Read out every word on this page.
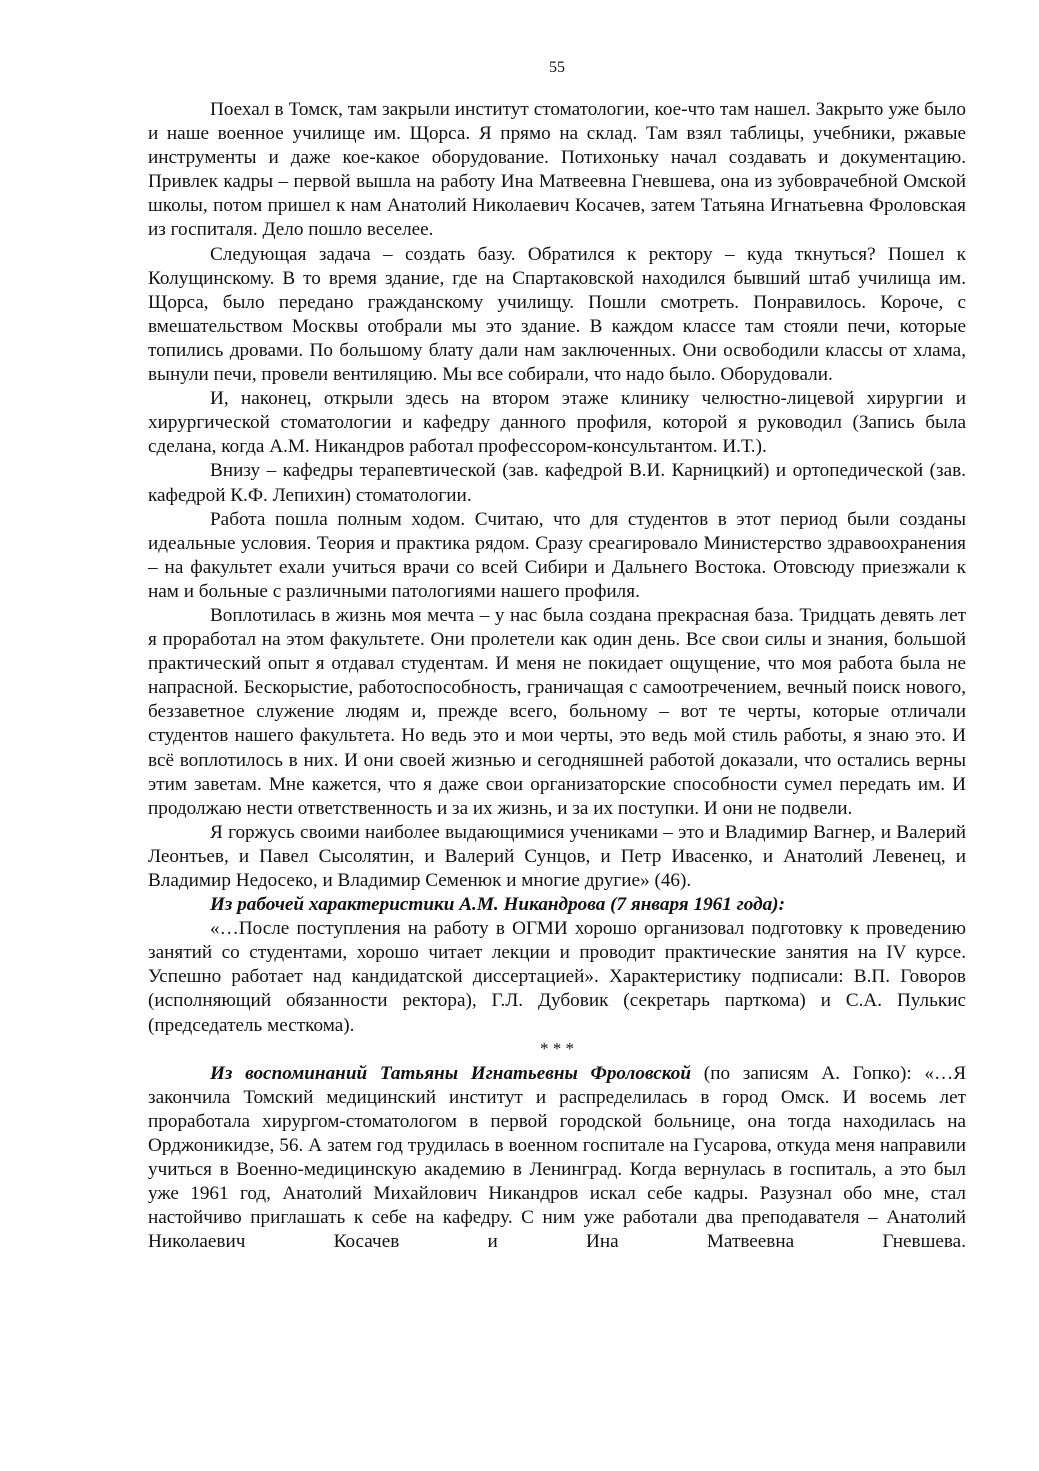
55

Поехал в Томск, там закрыли институт стоматологии, кое-что там нашел. Закрыто уже было и наше военное училище им. Щорса. Я прямо на склад. Там взял таблицы, учебники, ржавые инструменты и даже кое-какое оборудование. Потихоньку начал создавать и документацию. Привлек кадры – первой вышла на работу Ина Матвеевна Гневшева, она из зубоврачебной Омской школы, потом пришел к нам Анатолий Николаевич Косачев, затем Татьяна Игнатьевна Фроловская из госпиталя. Дело пошло веселее.

Следующая задача – создать базу. Обратился к ректору – куда ткнуться? Пошел к Колущинскому. В то время здание, где на Спартаковской находился бывший штаб училища им. Щорса, было передано гражданскому училищу. Пошли смотреть. Понравилось. Короче, с вмешательством Москвы отобрали мы это здание. В каждом классе там стояли печи, которые топились дровами. По большому блату дали нам заключенных. Они освободили классы от хлама, вынули печи, провели вентиляцию. Мы все собирали, что надо было. Оборудовали.

И, наконец, открыли здесь на втором этаже клинику челюстно-лицевой хирургии и хирургической стоматологии и кафедру данного профиля, которой я руководил (Запись была сделана, когда А.М. Никандров работал профессором-консультантом. И.Т.).

Внизу – кафедры терапевтической (зав. кафедрой В.И. Карницкий) и ортопедической (зав. кафедрой К.Ф. Лепихин) стоматологии.

Работа пошла полным ходом. Считаю, что для студентов в этот период были созданы идеальные условия. Теория и практика рядом. Сразу среагировало Министерство здравоохранения – на факультет ехали учиться врачи со всей Сибири и Дальнего Востока. Отовсюду приезжали к нам и больные с различными патологиями нашего профиля.

Воплотилась в жизнь моя мечта – у нас была создана прекрасная база. Тридцать девять лет я проработал на этом факультете. Они пролетели как один день. Все свои силы и знания, большой практический опыт я отдавал студентам. И меня не покидает ощущение, что моя работа была не напрасной. Бескорыстие, работоспособность, граничащая с самоотречением, вечный поиск нового, беззаветное служение людям и, прежде всего, больному – вот те черты, которые отличали студентов нашего факультета. Но ведь это и мои черты, это ведь мой стиль работы, я знаю это. И всё воплотилось в них. И они своей жизнью и сегодняшней работой доказали, что остались верны этим заветам. Мне кажется, что я даже свои организаторские способности сумел передать им. И продолжаю нести ответственность и за их жизнь, и за их поступки. И они не подвели.

Я горжусь своими наиболее выдающимися учениками – это и Владимир Вагнер, и Валерий Леонтьев, и Павел Сысолятин, и Валерий Сунцов, и Петр Ивасенко, и Анатолий Левенец, и Владимир Недосеко, и Владимир Семенюк и многие другие» (46).

Из рабочей характеристики А.М. Никандрова (7 января 1961 года):

«…После поступления на работу в ОГМИ хорошо организовал подготовку к проведению занятий со студентами, хорошо читает лекции и проводит практические занятия на IV курсе. Успешно работает над кандидатской диссертацией». Характеристику подписали: В.П. Говоров (исполняющий обязанности ректора), Г.Л. Дубовик (секретарь парткома) и С.А. Пулькис (председатель месткома).

* * *

Из воспоминаний Татьяны Игнатьевны Фроловской (по записям А. Гопко): «…Я закончила Томский медицинский институт и распределилась в город Омск. И восемь лет проработала хирургом-стоматологом в первой городской больнице, она тогда находилась на Орджоникидзе, 56. А затем год трудилась в военном госпитале на Гусарова, откуда меня направили учиться в Военно-медицинскую академию в Ленинград. Когда вернулась в госпиталь, а это был уже 1961 год, Анатолий Михайлович Никандров искал себе кадры. Разузнал обо мне, стал настойчиво приглашать к себе на кафедру. С ним уже работали два преподавателя – Анатолий Николаевич Косачев и Ина Матвеевна Гневшева.
